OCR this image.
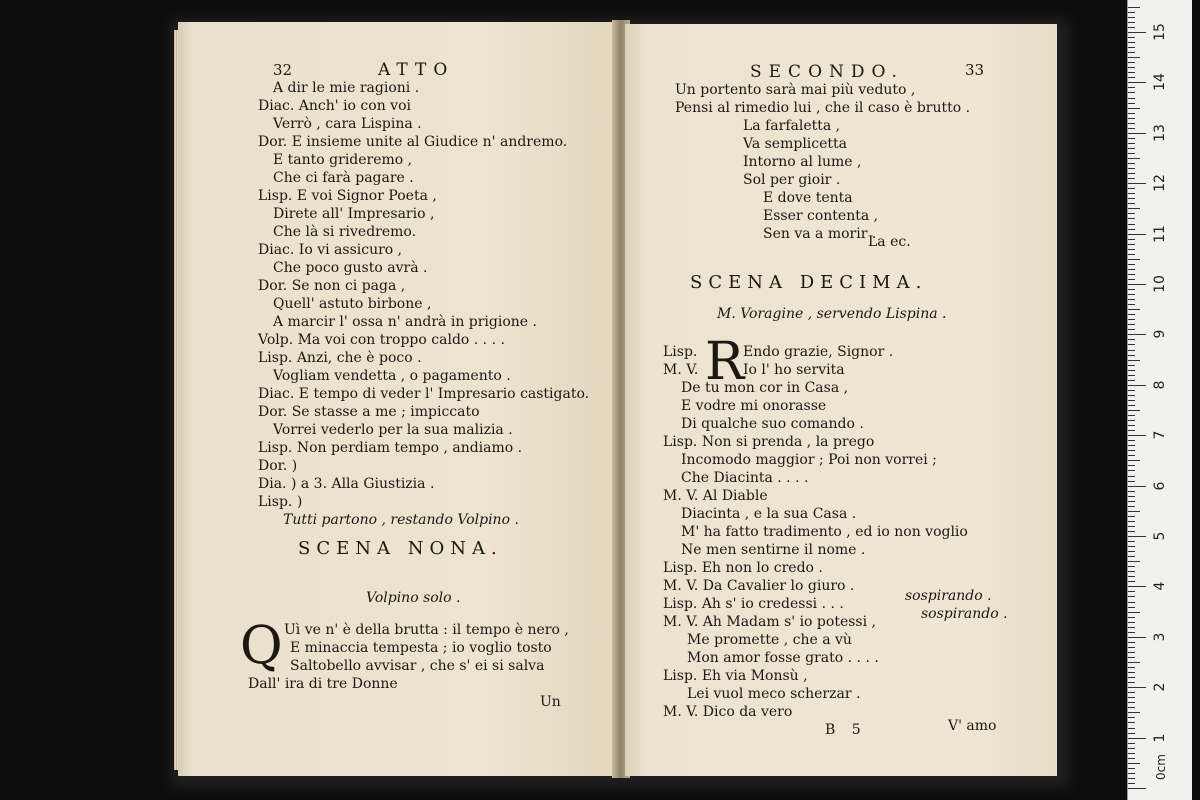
32	ATTO
A dir le mie ragioni .
Diac. Anch' io con voi
Verrò , cara Lispina .
Dor. E insieme unite al Giudice n' andremo.
E tanto grideremo ,
Che ci farà pagare .
Lisp. E voi Signor Poeta ,
Direte all' Impresario ,
Che là si rivedremo.
Diac. Io vi assicuro ,
Che poco gusto avrà .
Dor. Se non ci paga ,
Quell' astuto birbone ,
A marcir l' ossa n' andrà in prigione .
Volp. Ma voi con troppo caldo . . . .
Lisp. Anzi, che è poco .
Vogliam vendetta , o pagamento .
Diac. E tempo di veder l' Impresario castigato.
Dor. Se stasse a me ; impiccato
Vorrei vederlo per la sua malizia .
Lisp. Non perdiam tempo , andiamo .
Dor. )
Dia. ) a 3. Alla Giustizia .
Lisp. )
Tutti partono , restando Volpino .
SCENA NONA.
Volpino solo .
Q Uì ve n' è della brutta : il tempo è nero ,
E minaccia tempesta ; io voglio tosto
Saltobello avvisar , che s' ei si salva
Dall' ira di tre Donne
Un
SECONDO.	33
Un portento sarà mai più veduto ,
Pensi al rimedio lui , che il caso è brutto .
La farfaletta ,
Va semplicetta
Intorno al lume ,
Sol per gioir .
E dove tenta
Esser contenta ,
Sen va a morir .
La ec.
SCENA DECIMA.
M. Voragine , servendo Lispina .
Lisp. R
Endo grazie, Signor .
M. V.	Io l' ho servita
De tu mon cor in Casa ,
E vodre mi onorasse
Di qualche suo comando .
Lisp. Non si prenda , la prego
Incomodo maggior ; Poi non vorrei ;
Che Diacinta . . . .
M. V. Al Diable
Diacinta , e la sua Casa .
M' ha fatto tradimento , ed io non voglio
Ne men sentirne il nome .
Lisp. Eh non lo credo .
M. V. Da Cavalier lo giuro .
Lisp. Ah s' io credessi . . .	sospirando .
M. V. Ah Madam s' io potessi ,	sospirando .
Me promette , che a vù
Mon amor fosse grato . . . .
Lisp. Eh via Monsù ,
Lei vuol meco scherzar .
M. V. Dico da vero
B 5	V' amo
0cm
1
2
3
4
5
6
7
8
9
10
11
12
13
14
15
